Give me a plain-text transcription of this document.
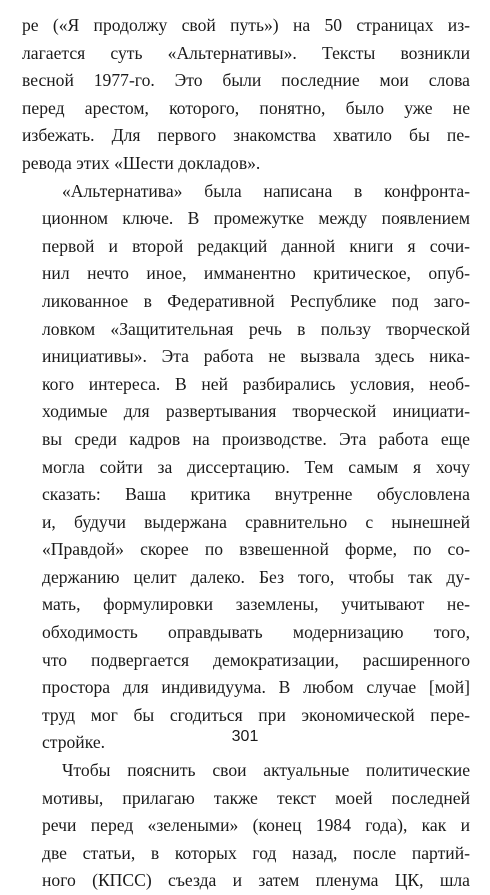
ре («Я продолжу свой путь») на 50 страницах из-
лагается суть «Альтернативы». Тексты возникли
весной 1977-го. Это были последние мои слова
перед арестом, которого, понятно, было уже не
избежать. Для первого знакомства хватило бы пе-
ревода этих «Шести докладов».
«Альтернатива» была написана в конфронта-
ционном ключе. В промежутке между появлением
первой и второй редакций данной книги я сочи-
нил нечто иное, имманентно критическое, опуб-
ликованное в Федеративной Республике под заго-
ловком «Защитительная речь в пользу творческой
инициативы». Эта работа не вызвала здесь ника-
кого интереса. В ней разбирались условия, необ-
ходимые для развертывания творческой инициати-
вы среди кадров на производстве. Эта работа еще
могла сойти за диссертацию. Тем самым я хочу
сказать: Ваша критика внутренне обусловлена
и, будучи выдержана сравнительно с нынешней
«Правдой» скорее по взвешенной форме, по со-
держанию целит далеко. Без того, чтобы так ду-
мать, формулировки заземлены, учитывают не-
обходимость оправдывать модернизацию того,
что подвергается демократизации, расширенного
простора для индивидуума. В любом случае [мой]
труд мог бы сгодиться при экономической пере-
стройке.
Чтобы пояснить свои актуальные политические
мотивы, прилагаю также текст моей последней
речи перед «зелеными» (конец 1984 года), как и
две статьи, в которых год назад, после партий-
ного (КПСС) съезда и затем пленума ЦК, шла
301
